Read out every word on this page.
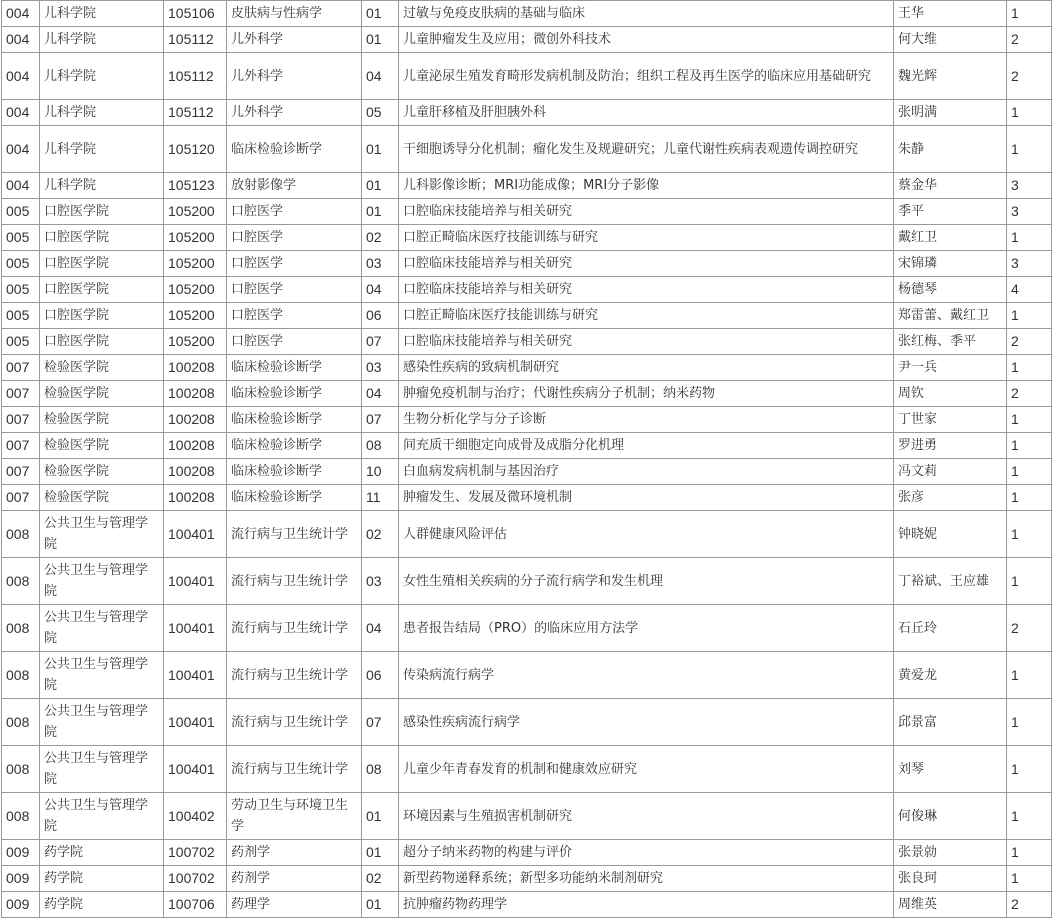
004	儿科学院	105106	皮肤病与性病学	01	过敏与免疫皮肤病的基础与临床	王华	1
004	儿科学院	105112	儿外科学	01	儿童肿瘤发生及应用；微创外科技术	何大维	2
004	儿科学院	105112	儿外科学	04	儿童泌尿生殖发育畸形发病机制及防治；组织工程及再生医学的临床应用基础研究	魏光辉	2
004	儿科学院	105112	儿外科学	05	儿童肝移植及肝胆胰外科	张明满	1
004	儿科学院	105120	临床检验诊断学	01	干细胞诱导分化机制；瘤化发生及规避研究；儿童代谢性疾病表观遗传调控研究	朱静	1
004	儿科学院	105123	放射影像学	01	儿科影像诊断；MRI功能成像；MRI分子影像	蔡金华	3
005	口腔医学院	105200	口腔医学	01	口腔临床技能培养与相关研究	季平	3
005	口腔医学院	105200	口腔医学	02	口腔正畸临床医疗技能训练与研究	戴红卫	1
005	口腔医学院	105200	口腔医学	03	口腔临床技能培养与相关研究	宋锦璘	3
005	口腔医学院	105200	口腔医学	04	口腔临床技能培养与相关研究	杨德琴	4
005	口腔医学院	105200	口腔医学	06	口腔正畸临床医疗技能训练与研究	郑雷蕾、戴红卫	1
005	口腔医学院	105200	口腔医学	07	口腔临床技能培养与相关研究	张红梅、季平	2
007	检验医学院	100208	临床检验诊断学	03	感染性疾病的致病机制研究	尹一兵	1
007	检验医学院	100208	临床检验诊断学	04	肿瘤免疫机制与治疗；代谢性疾病分子机制；纳米药物	周钦	2
007	检验医学院	100208	临床检验诊断学	07	生物分析化学与分子诊断	丁世家	1
007	检验医学院	100208	临床检验诊断学	08	间充质干细胞定向成骨及成脂分化机理	罗进勇	1
007	检验医学院	100208	临床检验诊断学	10	白血病发病机制与基因治疗	冯文莉	1
007	检验医学院	100208	临床检验诊断学	11	肿瘤发生、发展及微环境机制	张彦	1
008	公共卫生与管理学院	100401	流行病与卫生统计学	02	人群健康风险评估	钟晓妮	1
008	公共卫生与管理学院	100401	流行病与卫生统计学	03	女性生殖相关疾病的分子流行病学和发生机理	丁裕斌、王应雄	1
008	公共卫生与管理学院	100401	流行病与卫生统计学	04	患者报告结局（PRO）的临床应用方法学	石丘玲	2
008	公共卫生与管理学院	100401	流行病与卫生统计学	06	传染病流行病学	黄爱龙	1
008	公共卫生与管理学院	100401	流行病与卫生统计学	07	感染性疾病流行病学	邱景富	1
008	公共卫生与管理学院	100401	流行病与卫生统计学	08	儿童少年青春发育的机制和健康效应研究	刘琴	1
008	公共卫生与管理学院	100402	劳动卫生与环境卫生学	01	环境因素与生殖损害机制研究	何俊琳	1
009	药学院	100702	药剂学	01	超分子纳米药物的构建与评价	张景勍	1
009	药学院	100702	药剂学	02	新型药物递释系统；新型多功能纳米制剂研究	张良珂	1
009	药学院	100706	药理学	01	抗肿瘤药物药理学	周维英	2
